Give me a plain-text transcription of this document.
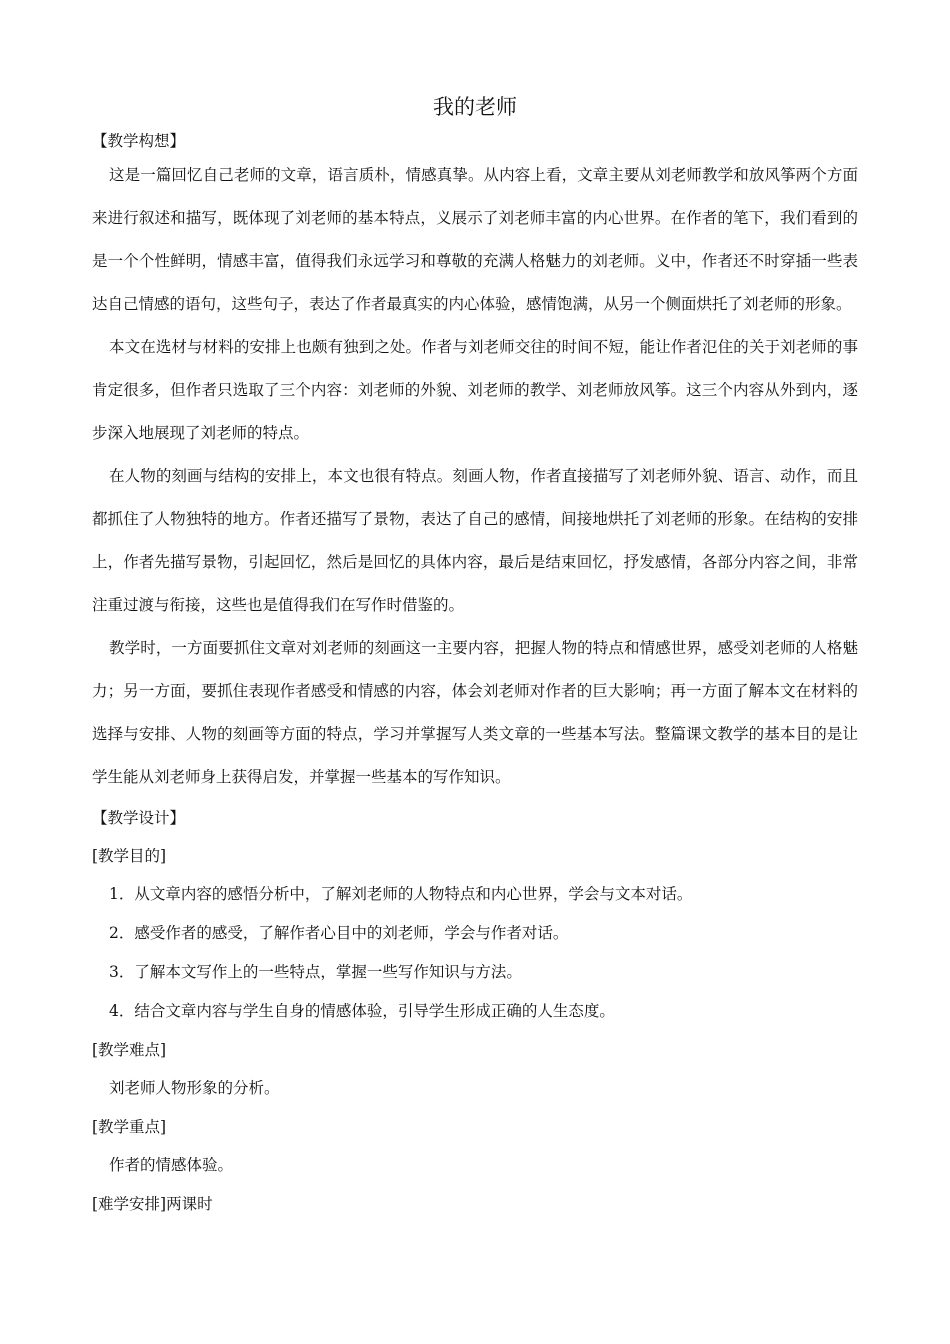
我的老师

【教学构想】

这是一篇回忆自己老师的文章，语言质朴，情感真挚。从内容上看，文章主要从刘老师教学和放风筝两个方面来进行叙述和描写，既体现了刘老师的基本特点，义展示了刘老师丰富的内心世界。在作者的笔下，我们看到的是一个个性鲜明，情感丰富，值得我们永远学习和尊敬的充满人格魅力的刘老师。义中，作者还不时穿插一些表达自己情感的语句，这些句子，表达了作者最真实的内心体验，感情饱满，从另一个侧面烘托了刘老师的形象。

本文在选材与材料的安排上也颇有独到之处。作者与刘老师交往的时间不短，能让作者氾住的关于刘老师的事肯定很多，但作者只选取了三个内容：刘老师的外貌、刘老师的教学、刘老师放风筝。这三个内容从外到内，逐步深入地展现了刘老师的特点。

在人物的刻画与结构的安排上，本文也很有特点。刻画人物，作者直接描写了刘老师外貌、语言、动作，而且都抓住了人物独特的地方。作者还描写了景物，表达了自己的感情，间接地烘托了刘老师的形象。在结构的安排上，作者先描写景物，引起回忆，然后是回忆的具体内容，最后是结束回忆，抒发感情，各部分内容之间，非常注重过渡与衔接，这些也是值得我们在写作时借鉴的。

教学时，一方面要抓住文章对刘老师的刻画这一主要内容，把握人物的特点和情感世界，感受刘老师的人格魅力；另一方面，要抓住表现作者感受和情感的内容，体会刘老师对作者的巨大影响；再一方面了解本文在材料的选择与安排、人物的刻画等方面的特点，学习并掌握写人类文章的一些基本写法。整篇课文教学的基本目的是让学生能从刘老师身上获得启发，并掌握一些基本的写作知识。

【教学设计】

[教学目的]

1．从文章内容的感悟分析中，了解刘老师的人物特点和内心世界，学会与文本对话。

2．感受作者的感受，了解作者心目中的刘老师，学会与作者对话。

3．了解本文写作上的一些特点，掌握一些写作知识与方法。

4．结合文章内容与学生自身的情感体验，引导学生形成正确的人生态度。

[教学难点]

刘老师人物形象的分析。

[教学重点]

作者的情感体验。

[难学安排]两课时
